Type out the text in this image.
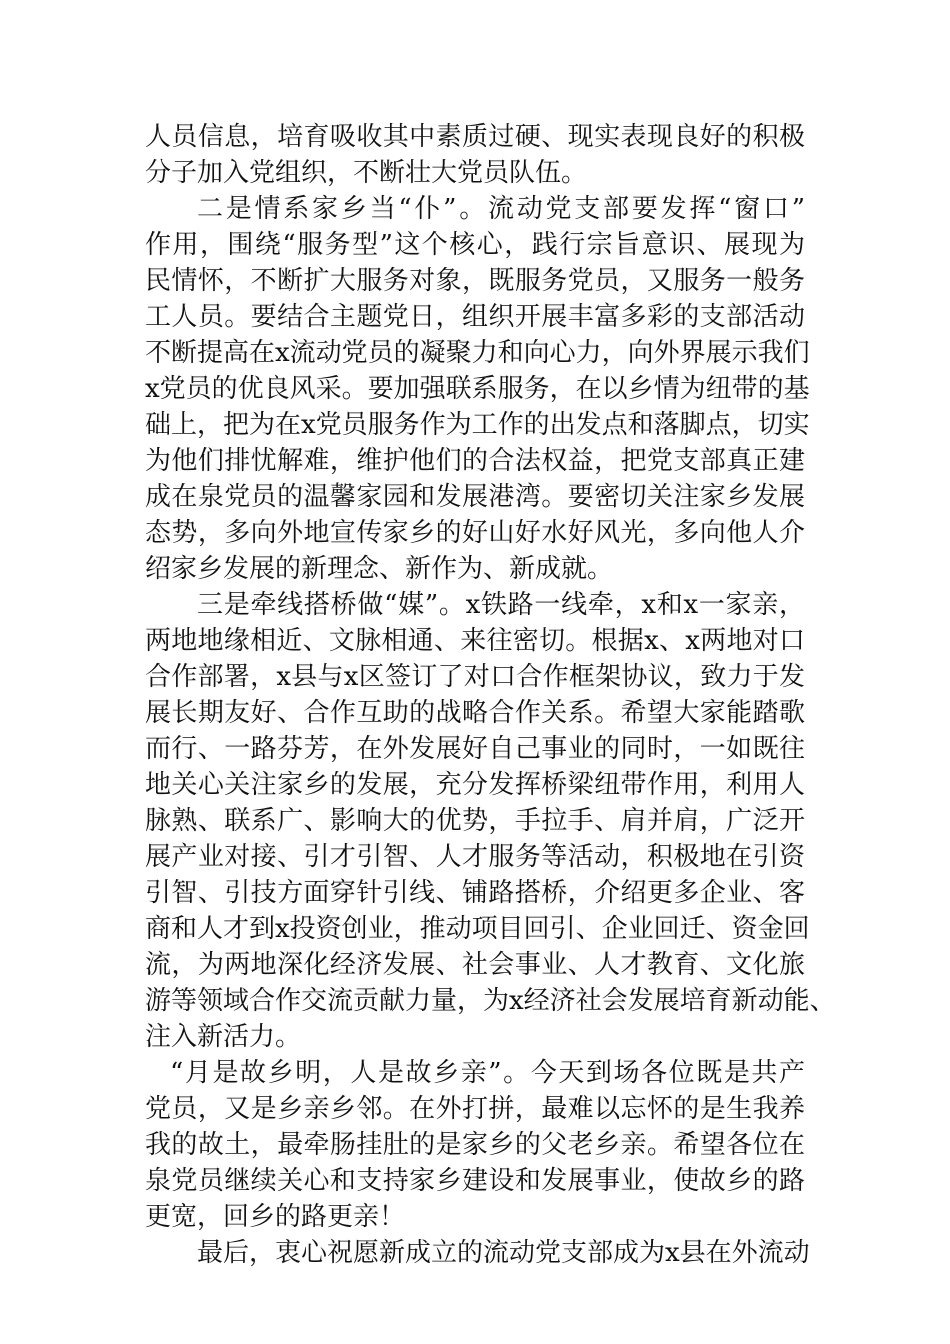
人员信息，培育吸收其中素质过硬、现实表现良好的积极
分子加入党组织，不断壮大党员队伍。
二是情系家乡当“仆”。流动党支部要发挥“窗口”
作用，围绕“服务型”这个核心，践行宗旨意识、展现为
民情怀，不断扩大服务对象，既服务党员，又服务一般务
工人员。要结合主题党日，组织开展丰富多彩的支部活动
不断提高在x流动党员的凝聚力和向心力，向外界展示我们
x党员的优良风采。要加强联系服务，在以乡情为纽带的基
础上，把为在x党员服务作为工作的出发点和落脚点，切实
为他们排忧解难，维护他们的合法权益，把党支部真正建
成在泉党员的温馨家园和发展港湾。要密切关注家乡发展
态势，多向外地宣传家乡的好山好水好风光，多向他人介
绍家乡发展的新理念、新作为、新成就。
三是牵线搭桥做“媒”。x铁路一线牵，x和x一家亲，
两地地缘相近、文脉相通、来往密切。根据x、x两地对口
合作部署，x县与x区签订了对口合作框架协议，致力于发
展长期友好、合作互助的战略合作关系。希望大家能踏歌
而行、一路芬芳，在外发展好自己事业的同时，一如既往
地关心关注家乡的发展，充分发挥桥梁纽带作用，利用人
脉熟、联系广、影响大的优势，手拉手、肩并肩，广泛开
展产业对接、引才引智、人才服务等活动，积极地在引资
引智、引技方面穿针引线、铺路搭桥，介绍更多企业、客
商和人才到x投资创业，推动项目回引、企业回迁、资金回
流，为两地深化经济发展、社会事业、人才教育、文化旅
游等领域合作交流贡献力量，为x经济社会发展培育新动能、
注入新活力。
“月是故乡明，人是故乡亲”。今天到场各位既是共产
党员，又是乡亲乡邻。在外打拼，最难以忘怀的是生我养
我的故土，最牵肠挂肚的是家乡的父老乡亲。希望各位在
泉党员继续关心和支持家乡建设和发展事业，使故乡的路
更宽，回乡的路更亲！
最后，衷心祝愿新成立的流动党支部成为x县在外流动
